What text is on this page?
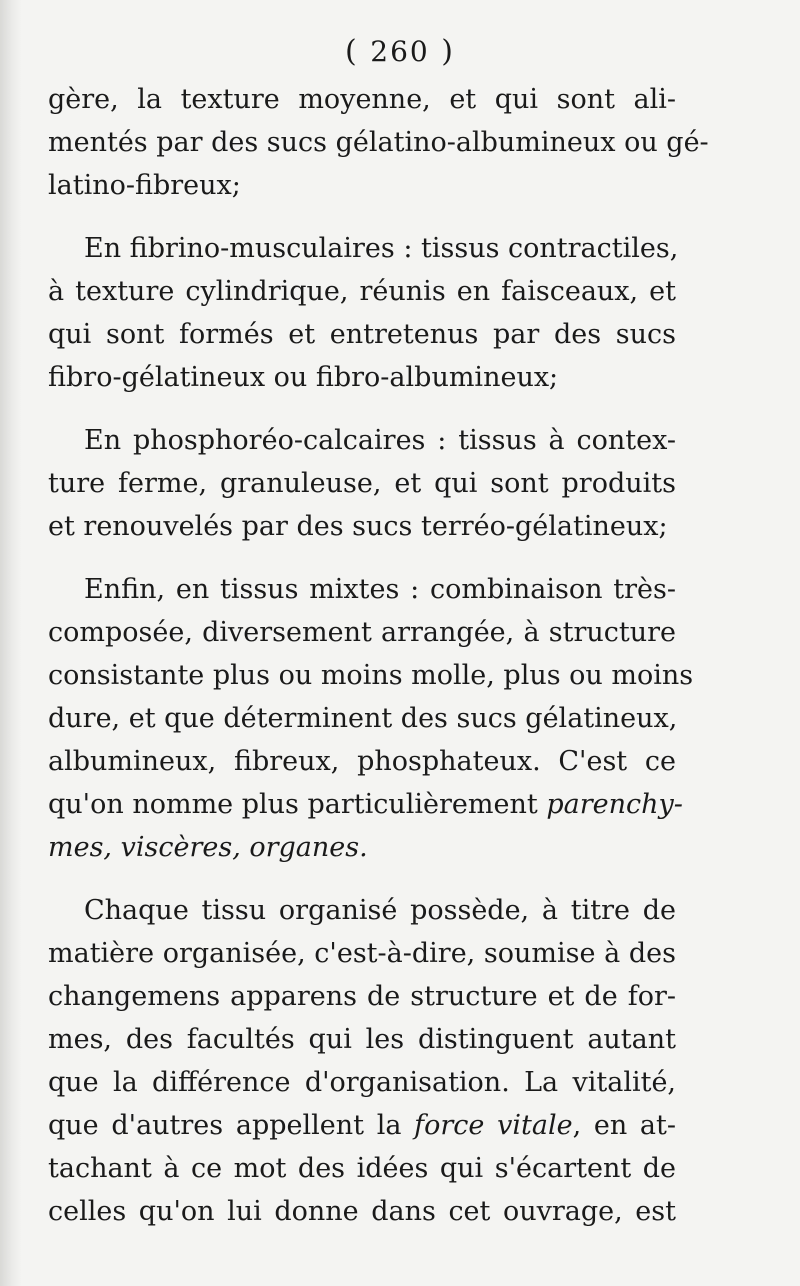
( 260 )
gère, la texture moyenne, et qui sont ali-
mentés par des sucs gélatino-albumineux ou gé-
latino-fibreux;
En fibrino-musculaires : tissus contractiles,
à texture cylindrique, réunis en faisceaux, et
qui sont formés et entretenus par des sucs
fibro-gélatineux ou fibro-albumineux;
En phosphoréo-calcaires : tissus à contex-
ture ferme, granuleuse, et qui sont produits
et renouvelés par des sucs terréo-gélatineux;
Enfin, en tissus mixtes : combinaison très-
composée, diversement arrangée, à structure
consistante plus ou moins molle, plus ou moins
dure, et que déterminent des sucs gélatineux,
albumineux, fibreux, phosphateux. C'est ce
qu'on nomme plus particulièrement parenchy-
mes, viscères, organes.
Chaque tissu organisé possède, à titre de
matière organisée, c'est-à-dire, soumise à des
changemens apparens de structure et de for-
mes, des facultés qui les distinguent autant
que la différence d'organisation. La vitalité,
que d'autres appellent la force vitale, en at-
tachant à ce mot des idées qui s'écartent de
celles qu'on lui donne dans cet ouvrage, est
